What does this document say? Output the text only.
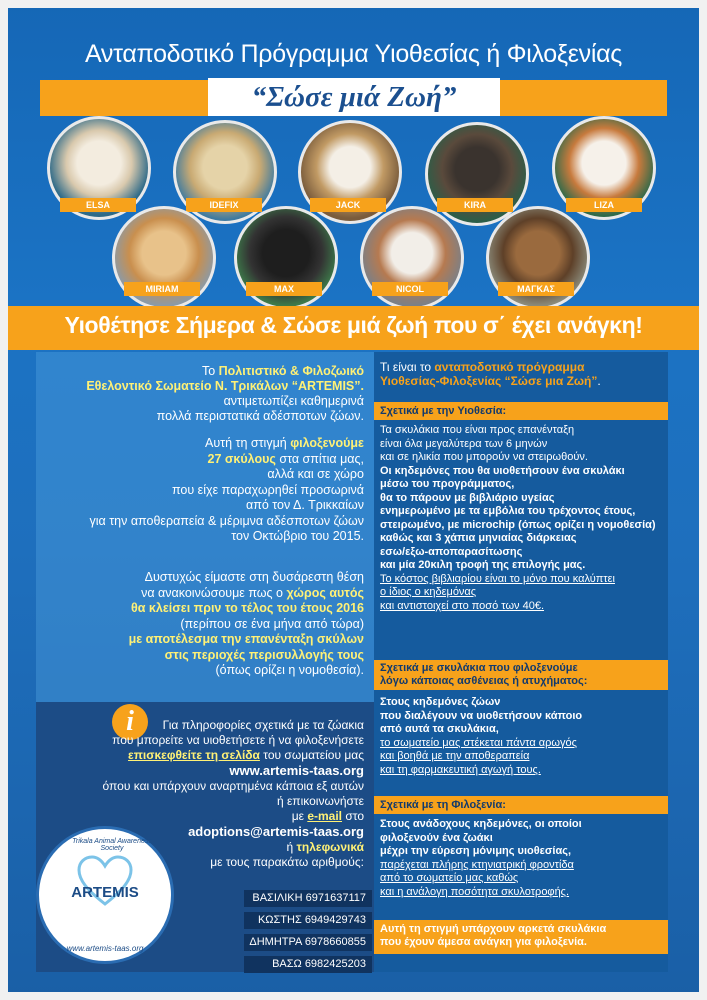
Ανταποδοτικό Πρόγραμμα Υιοθεσίας ή Φιλοξενίας
“Σώσε μιά Ζωή”
ELSA	IDEFIX	JACK	KIRA	LIZA
MIRIAM	MAX	NICOL	ΜΑΓΚΑΣ
Υιοθέτησε Σήμερα & Σώσε μιά ζωή που σ΄ έχει ανάγκη!
Το Πολιτιστικό & Φιλοζωικό
Εθελοντικό Σωματείο Ν. Τρικάλων “ARTEMIS”.
αντιμετωπίζει καθημερινά
πολλά περιστατικά αδέσποτων ζώων.
Αυτή τη στιγμή φιλοξενούμε
27 σκύλους στα σπίτια μας,
αλλά και σε χώρο
που είχε παραχωρηθεί προσωρινά
από τον Δ. Τρικκαίων
για την αποθεραπεία & μέριμνα αδέσποτων ζώων
τον Οκτώβριο του 2015.
Δυστυχώς είμαστε στη δυσάρεστη θέση
να ανακοινώσουμε πως ο χώρος αυτός
θα κλείσει πριν το τέλος του έτους 2016
(περίπου σε ένα μήνα από τώρα)
με αποτέλεσμα την επανένταξη σκύλων
στις περιοχές περισυλλογής τους
(όπως ορίζει η νομοθεσία).
i	Για πληροφορίες σχετικά με τα ζώακια
που μπορείτε να υιοθετήσετε ή να φιλοξενήσετε
επισκεφθείτε τη σελίδα του σωματείου μας
www.artemis-taas.org
όπου και υπάρχουν αναρτημένα κάποια εξ αυτών
ή επικοινωνήστε
με e-mail στο
adoptions@artemis-taas.org
ή τηλεφωνικά
με τους παρακάτω αριθμούς:
ΒΑΣΙΛΙΚΗ 6971637117
ΚΩΣΤΗΣ 6949429743
ΔΗΜΗΤΡΑ 6978660855
ΒΑΣΩ 6982425203
Trikala Animal Awareness Society
ARTEMIS
www.artemis-taas.org
Τι είναι το ανταποδοτικό πρόγραμμα
Υιοθεσίας-Φιλοξενίας “Σώσε μια Ζωή”.
Σχετικά με την Υιοθεσία:
Τα σκυλάκια που είναι προς επανένταξη
είναι όλα μεγαλύτερα των 6 μηνών
και σε ηλικία που μπορούν να στειρωθούν.
Οι κηδεμόνες που θα υιοθετήσουν ένα σκυλάκι
μέσω του προγράμματος,
θα το πάρουν με βιβλιάριο υγείας
ενημερωμένο με τα εμβόλια του τρέχοντος έτους,
στειρωμένο, με microchip (όπως ορίζει η νομοθεσία)
καθώς και 3 χάπια μηνιαίας διάρκειας
εσω/εξω-αποπαρασίτωσης
και μία 20κιλη τροφή της επιλογής μας.
Το κόστος βιβλιαρίου είναι το μόνο που καλύπτει
ο ίδιος ο κηδεμόνας
και αντιστοιχεί στο ποσό των 40€.
Σχετικά με σκυλάκια που φιλοξενούμε
λόγω κάποιας ασθένειας ή ατυχήματος:
Στους κηδεμόνες ζώων
που διαλέγουν να υιοθετήσουν κάποιο
από αυτά τα σκυλάκια,
το σωματείο μας στέκεται πάντα αρωγός
και βοηθά με την αποθεραπεία
και τη φαρμακευτική αγωγή τους.
Σχετικά με τη Φιλοξενία:
Στους ανάδοχους κηδεμόνες, οι οποίοι
φιλοξενούν ένα ζωάκι
μέχρι την εύρεση μόνιμης υιοθεσίας,
παρέχεται πλήρης κτηνιατρική φροντίδα
από το σωματείο μας καθώς
και η ανάλογη ποσότητα σκυλοτροφής.
Αυτή τη στιγμή υπάρχουν αρκετά σκυλάκια
που έχουν άμεσα ανάγκη για φιλοξενία.
